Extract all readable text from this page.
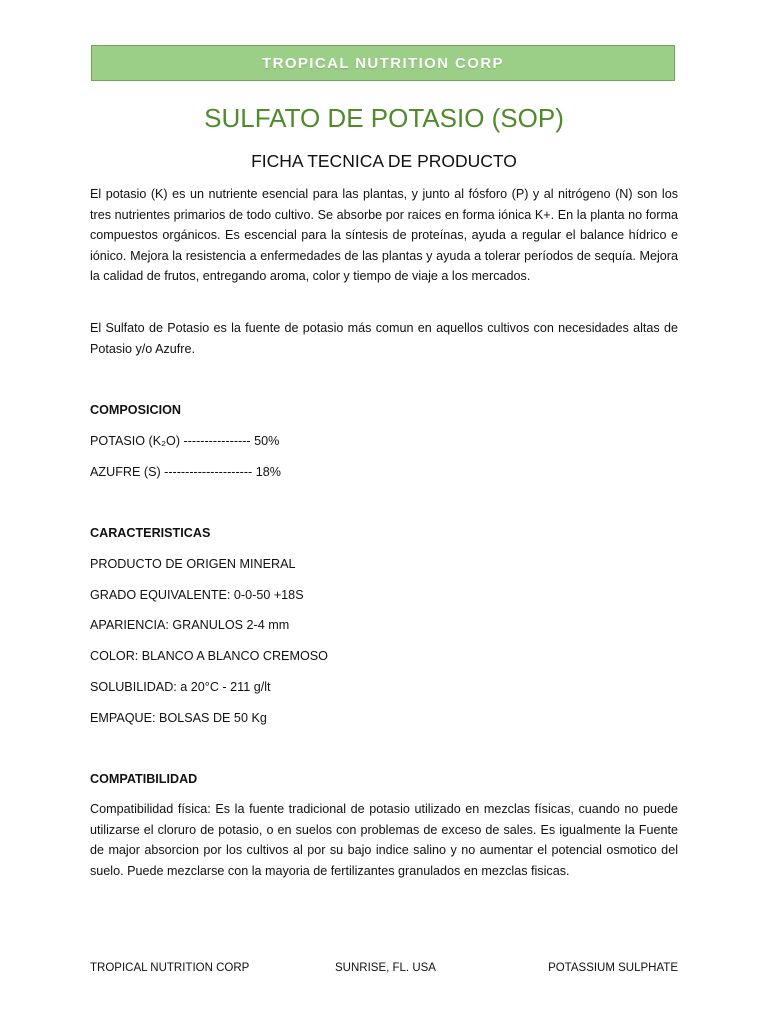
TROPICAL NUTRITION CORP
SULFATO DE POTASIO (SOP)
FICHA TECNICA DE PRODUCTO

El potasio (K) es un nutriente esencial para las plantas, y junto al fósforo (P) y al nitrógeno (N) son los tres nutrientes primarios de todo cultivo. Se absorbe por raices en forma iónica K+. En la planta no forma compuestos orgánicos. Es escencial para la síntesis de proteínas, ayuda a regular el balance hídrico e iónico. Mejora la resistencia a enfermedades de las plantas y ayuda a tolerar períodos de sequía. Mejora la calidad de frutos, entregando aroma, color y tiempo de viaje a los mercados.

El Sulfato de Potasio es la fuente de potasio más comun en aquellos cultivos con necesidades altas de Potasio y/o Azufre.

COMPOSICION
POTASIO (K₂O) ---------------- 50%
AZUFRE (S) --------------------- 18%
CARACTERISTICAS
PRODUCTO DE ORIGEN MINERAL
GRADO EQUIVALENTE: 0-0-50 +18S
APARIENCIA: GRANULOS 2-4 mm
COLOR: BLANCO A BLANCO CREMOSO
SOLUBILIDAD: a 20°C - 211 g/lt
EMPAQUE: BOLSAS DE 50 Kg
COMPATIBILIDAD

Compatibilidad física: Es la fuente tradicional de potasio utilizado en mezclas físicas, cuando no puede utilizarse el cloruro de potasio, o en suelos con problemas de exceso de sales. Es igualmente la Fuente de major absorcion por los cultivos al por su bajo indice salino y no aumentar el potencial osmotico del suelo. Puede mezclarse con la mayoria de fertilizantes granulados en mezclas fisicas.

TROPICAL NUTRITION CORP	SUNRISE, FL. USA	POTASSIUM SULPHATE
